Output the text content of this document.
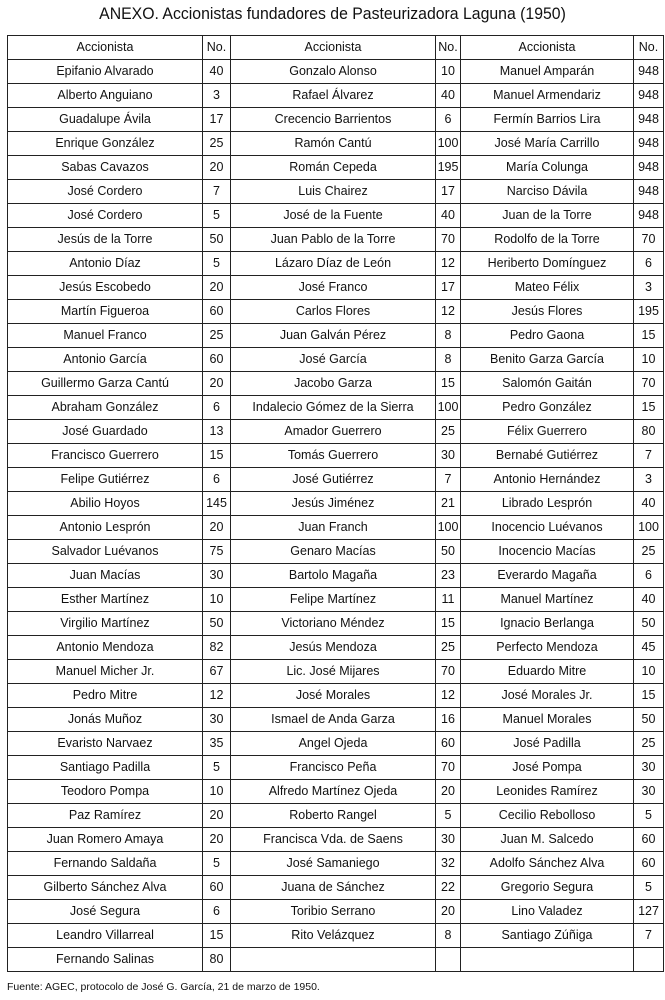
ANEXO. Accionistas fundadores de Pasteurizadora Laguna (1950)
Accionista	No.	Accionista	No.	Accionista	No.
Epifanio Alvarado	40	Gonzalo Alonso	10	Manuel Amparán	948
Alberto Anguiano	3	Rafael Álvarez	40	Manuel Armendariz	948
Guadalupe Ávila	17	Crecencio Barrientos	6	Fermín Barrios Lira	948
Enrique González	25	Ramón Cantú	100	José María Carrillo	948
Sabas Cavazos	20	Román Cepeda	195	María Colunga	948
José Cordero	7	Luis Chairez	17	Narciso Dávila	948
José Cordero	5	José de la Fuente	40	Juan de la Torre	948
Jesús de la Torre	50	Juan Pablo de la Torre	70	Rodolfo de la Torre	70
Antonio Díaz	5	Lázaro Díaz de León	12	Heriberto Domínguez	6
Jesús Escobedo	20	José Franco	17	Mateo Félix	3
Martín Figueroa	60	Carlos Flores	12	Jesús Flores	195
Manuel Franco	25	Juan Galván Pérez	8	Pedro Gaona	15
Antonio García	60	José García	8	Benito Garza García	10
Guillermo Garza Cantú	20	Jacobo Garza	15	Salomón Gaitán	70
Abraham González	6	Indalecio Gómez de la Sierra	100	Pedro González	15
José Guardado	13	Amador Guerrero	25	Félix Guerrero	80
Francisco Guerrero	15	Tomás Guerrero	30	Bernabé Gutiérrez	7
Felipe Gutiérrez	6	José Gutiérrez	7	Antonio Hernández	3
Abilio Hoyos	145	Jesús Jiménez	21	Librado Lesprón	40
Antonio Lesprón	20	Juan Franch	100	Inocencio Luévanos	100
Salvador Luévanos	75	Genaro Macías	50	Inocencio Macías	25
Juan Macías	30	Bartolo Magaña	23	Everardo Magaña	6
Esther Martínez	10	Felipe Martínez	11	Manuel Martínez	40
Virgilio Martínez	50	Victoriano Méndez	15	Ignacio Berlanga	50
Antonio Mendoza	82	Jesús Mendoza	25	Perfecto Mendoza	45
Manuel Micher Jr.	67	Lic. José Mijares	70	Eduardo Mitre	10
Pedro Mitre	12	José Morales	12	José Morales Jr.	15
Jonás Muñoz	30	Ismael de Anda Garza	16	Manuel Morales	50
Evaristo Narvaez	35	Angel Ojeda	60	José Padilla	25
Santiago Padilla	5	Francisco Peña	70	José Pompa	30
Teodoro Pompa	10	Alfredo Martínez Ojeda	20	Leonides Ramírez	30
Paz Ramírez	20	Roberto Rangel	5	Cecilio Rebolloso	5
Juan Romero Amaya	20	Francisca Vda. de Saens	30	Juan M. Salcedo	60
Fernando Saldaña	5	José Samaniego	32	Adolfo Sánchez Alva	60
Gilberto Sánchez Alva	60	Juana de Sánchez	22	Gregorio Segura	5
José Segura	6	Toribio Serrano	20	Lino Valadez	127
Leandro Villarreal	15	Rito Velázquez	8	Santiago Zúñiga	7
Fernando Salinas	80				
Fuente: AGEC, protocolo de José G. García, 21 de marzo de 1950.
